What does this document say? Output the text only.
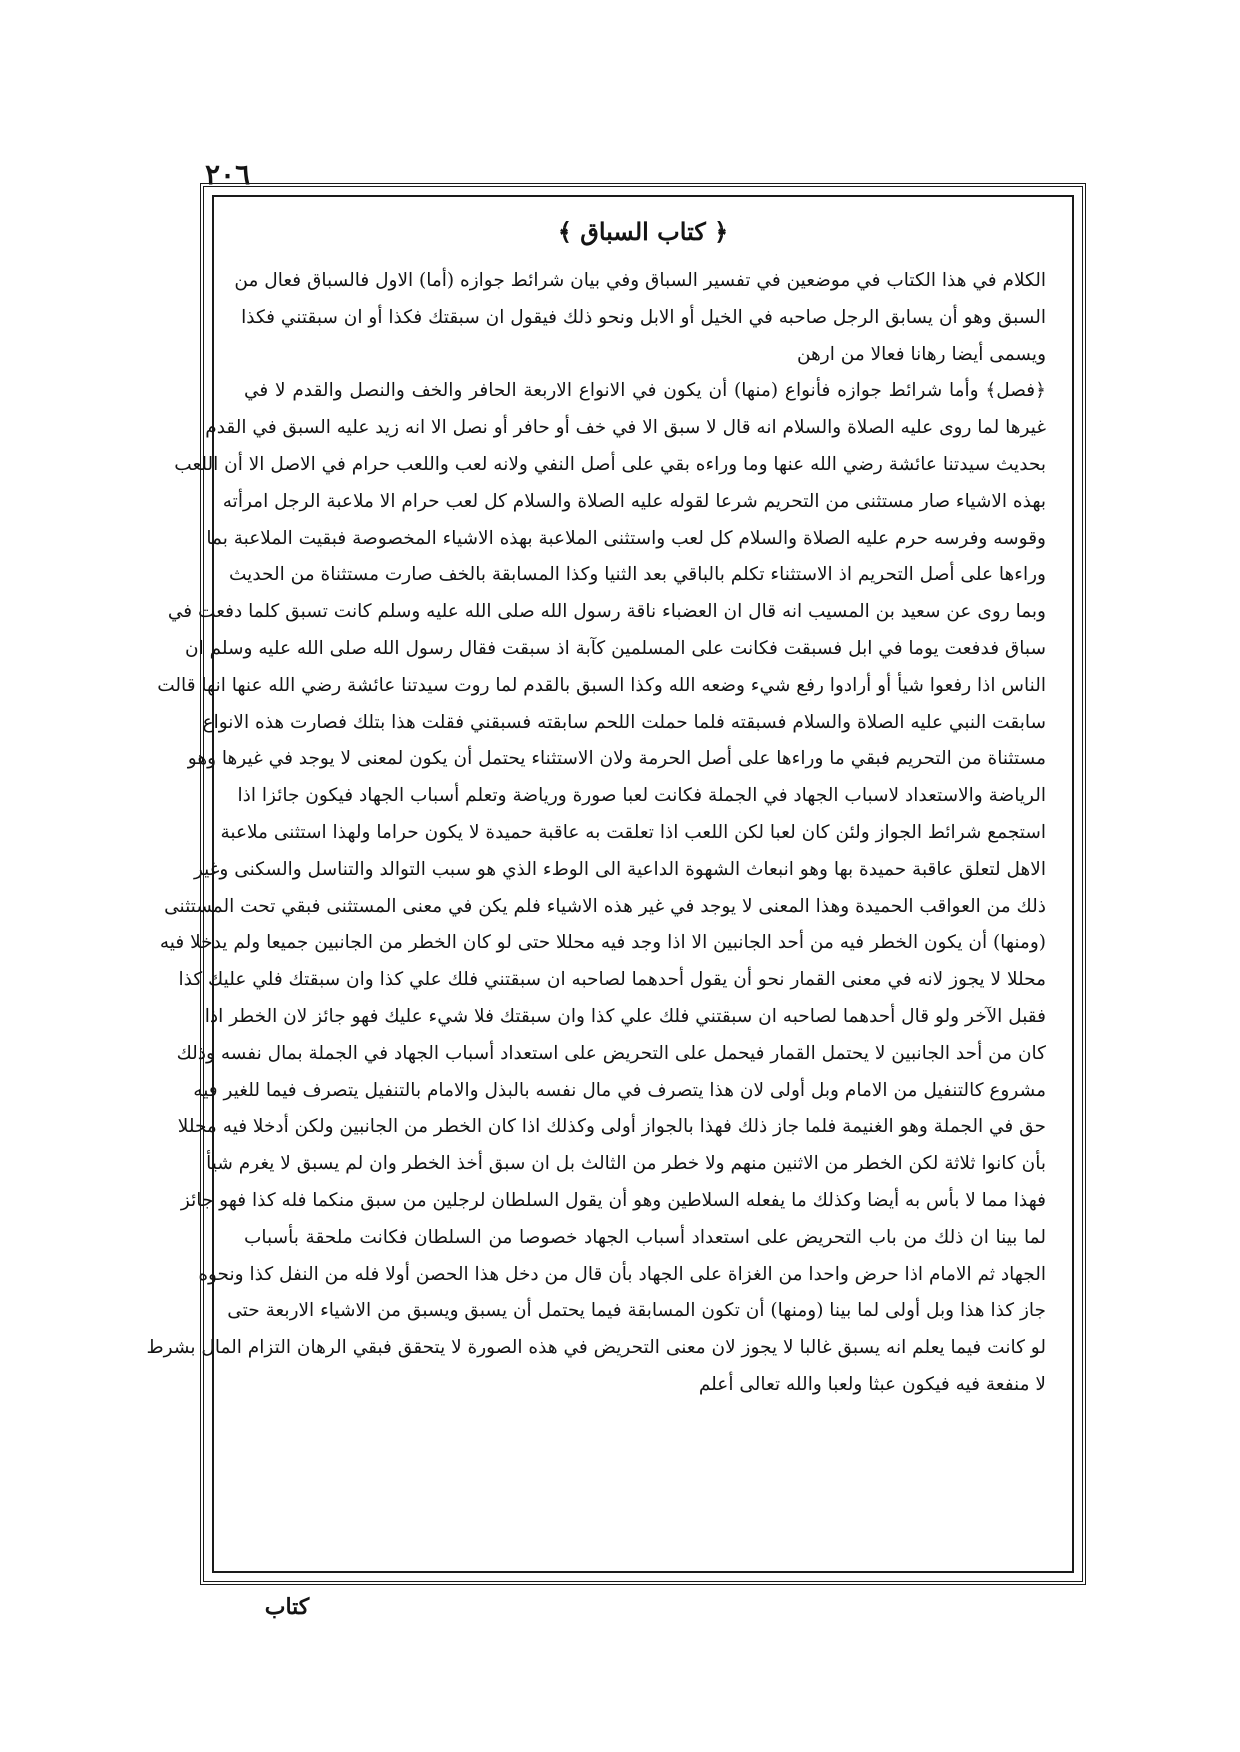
٢٠٦
﴿ كتاب السباق ﴾
الكلام في هذا الكتاب في موضعين في تفسير السباق وفي بيان شرائط جوازه (أما) الاول فالسباق فعال من
السبق وهو أن يسابق الرجل صاحبه في الخيل أو الابل ونحو ذلك فيقول ان سبقتك فكذا أو ان سبقتني فكذا
ويسمى أيضا رهانا فعالا من ارهن
﴿فصل﴾ وأما شرائط جوازه فأنواع (منها) أن يكون في الانواع الاربعة الحافر والخف والنصل والقدم لا في
غيرها لما روى عليه الصلاة والسلام انه قال لا سبق الا في خف أو حافر أو نصل الا انه زيد عليه السبق في القدم
بحديث سيدتنا عائشة رضي الله عنها وما وراءه بقي على أصل النفي ولانه لعب واللعب حرام في الاصل الا أن اللعب
بهذه الاشياء صار مستثنى من التحريم شرعا لقوله عليه الصلاة والسلام كل لعب حرام الا ملاعبة الرجل امرأته
وقوسه وفرسه حرم عليه الصلاة والسلام كل لعب واستثنى الملاعبة بهذه الاشياء المخصوصة فبقيت الملاعبة بما
وراءها على أصل التحريم اذ الاستثناء تكلم بالباقي بعد الثنيا وكذا المسابقة بالخف صارت مستثناة من الحديث
وبما روى عن سعيد بن المسيب انه قال ان العضباء ناقة رسول الله صلى الله عليه وسلم كانت تسبق كلما دفعت في
سباق فدفعت يوما في ابل فسبقت فكانت على المسلمين كآبة اذ سبقت فقال رسول الله صلى الله عليه وسلم ان
الناس اذا رفعوا شيأ أو أرادوا رفع شيء وضعه الله وكذا السبق بالقدم لما روت سيدتنا عائشة رضي الله عنها انها قالت
سابقت النبي عليه الصلاة والسلام فسبقته فلما حملت اللحم سابقته فسبقني فقلت هذا بتلك فصارت هذه الانواع
مستثناة من التحريم فبقي ما وراءها على أصل الحرمة ولان الاستثناء يحتمل أن يكون لمعنى لا يوجد في غيرها وهو
الرياضة والاستعداد لاسباب الجهاد في الجملة فكانت لعبا صورة ورياضة وتعلم أسباب الجهاد فيكون جائزا اذا
استجمع شرائط الجواز ولئن كان لعبا لكن اللعب اذا تعلقت به عاقبة حميدة لا يكون حراما ولهذا استثنى ملاعبة
الاهل لتعلق عاقبة حميدة بها وهو انبعاث الشهوة الداعية الى الوطء الذي هو سبب التوالد والتناسل والسكنى وغير
ذلك من العواقب الحميدة وهذا المعنى لا يوجد في غير هذه الاشياء فلم يكن في معنى المستثنى فبقي تحت المستثنى
(ومنها) أن يكون الخطر فيه من أحد الجانبين الا اذا وجد فيه محللا حتى لو كان الخطر من الجانبين جميعا ولم يدخلا فيه
محللا لا يجوز لانه في معنى القمار نحو أن يقول أحدهما لصاحبه ان سبقتني فلك علي كذا وان سبقتك فلي عليك كذا
فقبل الآخر ولو قال أحدهما لصاحبه ان سبقتني فلك علي كذا وان سبقتك فلا شيء عليك فهو جائز لان الخطر اذا
كان من أحد الجانبين لا يحتمل القمار فيحمل على التحريض على استعداد أسباب الجهاد في الجملة بمال نفسه وذلك
مشروع كالتنفيل من الامام وبل أولى لان هذا يتصرف في مال نفسه بالبذل والامام بالتنفيل يتصرف فيما للغير فيه
حق في الجملة وهو الغنيمة فلما جاز ذلك فهذا بالجواز أولى وكذلك اذا كان الخطر من الجانبين ولكن أدخلا فيه محللا
بأن كانوا ثلاثة لكن الخطر من الاثنين منهم ولا خطر من الثالث بل ان سبق أخذ الخطر وان لم يسبق لا يغرم شيأ
فهذا مما لا بأس به أيضا وكذلك ما يفعله السلاطين وهو أن يقول السلطان لرجلين من سبق منكما فله كذا فهو جائز
لما بينا ان ذلك من باب التحريض على استعداد أسباب الجهاد خصوصا من السلطان فكانت ملحقة بأسباب
الجهاد ثم الامام اذا حرض واحدا من الغزاة على الجهاد بأن قال من دخل هذا الحصن أولا فله من النفل كذا ونحوه
جاز كذا هذا وبل أولى لما بينا (ومنها) أن تكون المسابقة فيما يحتمل أن يسبق ويسبق من الاشياء الاربعة حتى
لو كانت فيما يعلم انه يسبق غالبا لا يجوز لان معنى التحريض في هذه الصورة لا يتحقق فبقي الرهان التزام المال بشرط
لا منفعة فيه فيكون عبثا ولعبا والله تعالى أعلم
كتاب
